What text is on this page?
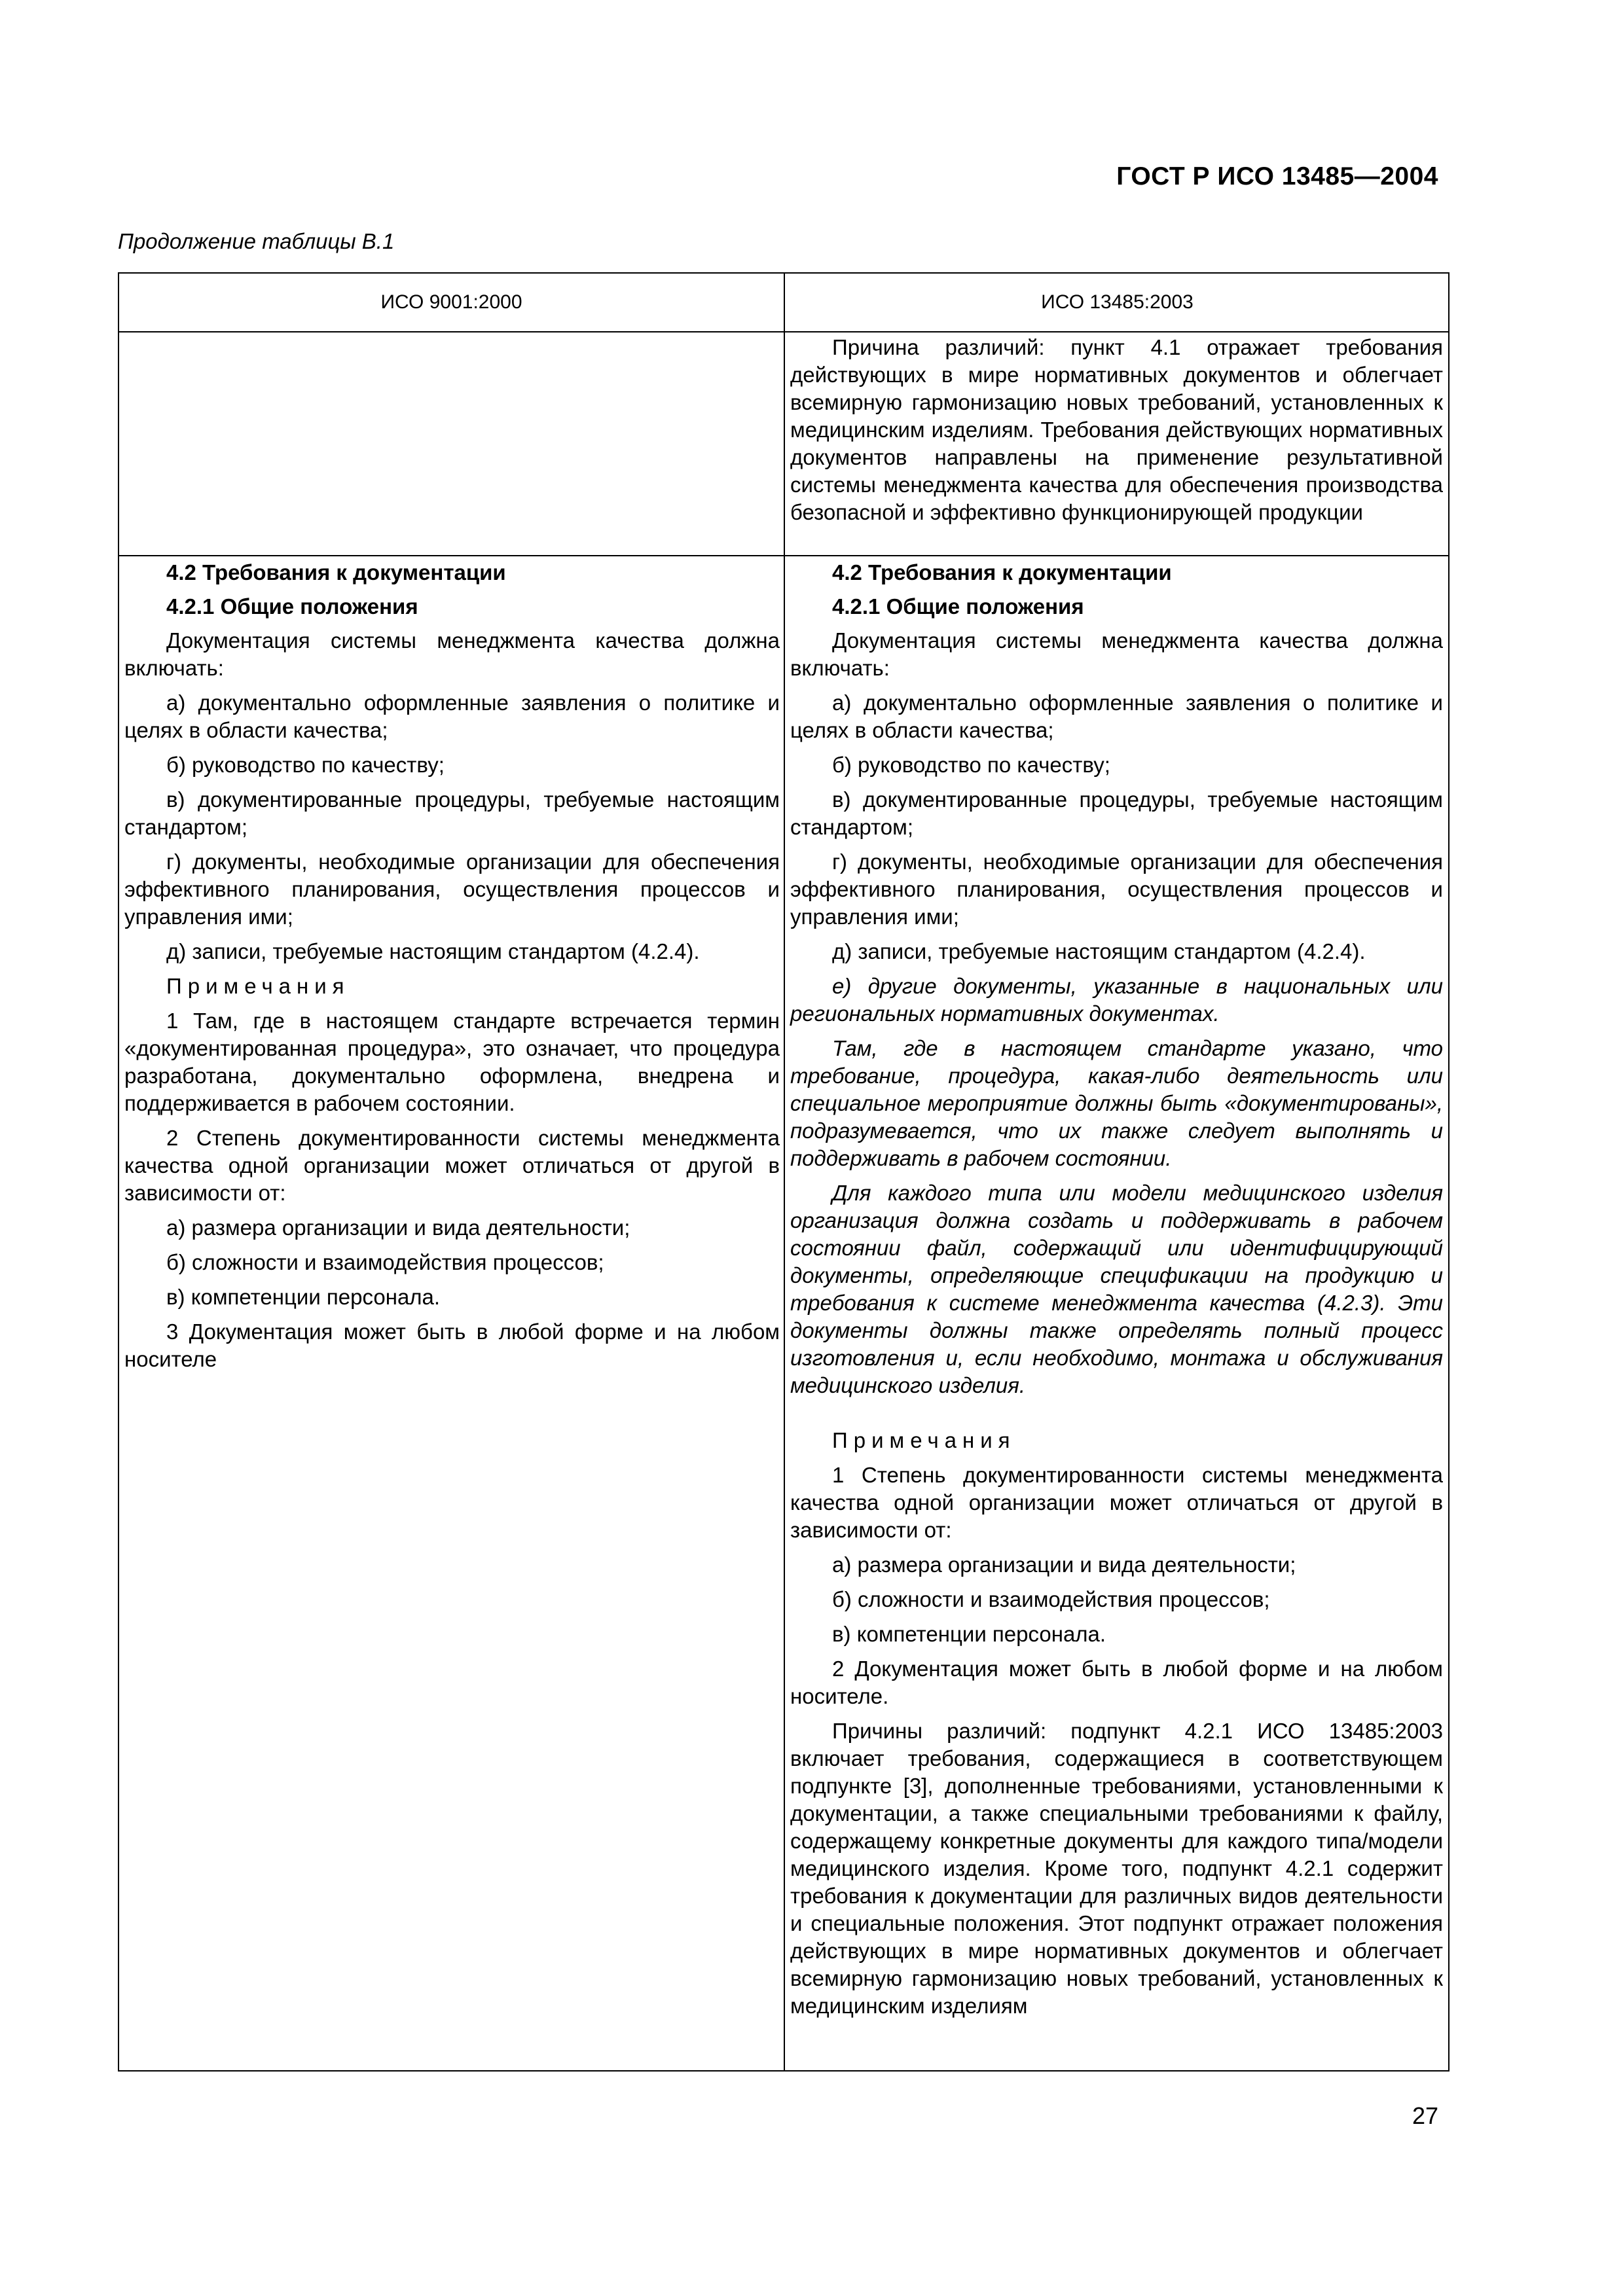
ГОСТ Р ИСО 13485—2004
Продолжение таблицы В.1
ИСО 9001:2000	ИСО 13485:2003

Причина различий: пункт 4.1 отражает требования действующих в мире нормативных документов и облегчает всемирную гармонизацию новых требований, установленных к медицинским изделиям. Требования действующих нормативных документов направлены на применение результативной системы менеджмента качества для обеспечения производства безопасной и эффективно функционирующей продукции

4.2 Требования к документации

4.2.1 Общие положения

Документация системы менеджмента качества должна включать:

а) документально оформленные заявления о политике и целях в области качества;

б) руководство по качеству;

в) документированные процедуры, требуемые настоящим стандартом;

г) документы, необходимые организации для обеспечения эффективного планирования, осуществления процессов и управления ими;

д) записи, требуемые настоящим стандартом (4.2.4).

Примечания

1 Там, где в настоящем стандарте встречается термин «документированная процедура», это означает, что процедура разработана, документально оформлена, внедрена и поддерживается в рабочем состоянии.

2 Степень документированности системы менеджмента качества одной организации может отличаться от другой в зависимости от:

а) размера организации и вида деятельности;

б) сложности и взаимодействия процессов;

в) компетенции персонала.

3 Документация может быть в любой форме и на любом носителе

4.2 Требования к документации

4.2.1 Общие положения

Документация системы менеджмента качества должна включать:

а) документально оформленные заявления о политике и целях в области качества;

б) руководство по качеству;

в) документированные процедуры, требуемые настоящим стандартом;

г) документы, необходимые организации для обеспечения эффективного планирования, осуществления процессов и управления ими;

д) записи, требуемые настоящим стандартом (4.2.4).

е) другие документы, указанные в национальных или региональных нормативных документах.

Там, где в настоящем стандарте указано, что требование, процедура, какая-либо деятельность или специальное мероприятие должны быть «документированы», подразумевается, что их также следует выполнять и поддерживать в рабочем состоянии.

Для каждого типа или модели медицинского изделия организация должна создать и поддерживать в рабочем состоянии файл, содержащий или идентифицирующий документы, определяющие спецификации на продукцию и требования к системе менеджмента качества (4.2.3). Эти документы должны также определять полный процесс изготовления и, если необходимо, монтажа и обслуживания медицинского изделия.

Примечания

1 Степень документированности системы менеджмента качества одной организации может отличаться от другой в зависимости от:

а) размера организации и вида деятельности;

б) сложности и взаимодействия процессов;

в) компетенции персонала.

2 Документация может быть в любой форме и на любом носителе.

Причины различий: подпункт 4.2.1 ИСО 13485:2003 включает требования, содержащиеся в соответствующем подпункте [3], дополненные требованиями, установленными к документации, а также специальными требованиями к файлу, содержащему конкретные документы для каждого типа/модели медицинского изделия. Кроме того, подпункт 4.2.1 содержит требования к документации для различных видов деятельности и специальные положения. Этот подпункт отражает положения действующих в мире нормативных документов и облегчает всемирную гармонизацию новых требований, установленных к медицинским изделиям

27
